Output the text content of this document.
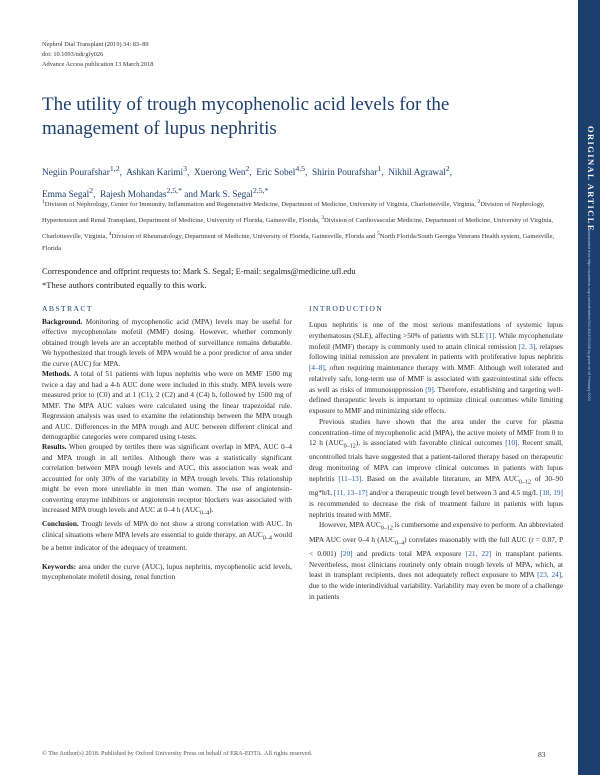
ORIGINAL ARTICLE
Downloaded from https://academic.oup.com/ndt/article/34/1/83/4924448 by guest on 18 February 2023
Nephrol Dial Transplant (2019) 34: 83–89
doi: 10.1093/ndt/gfy026
Advance Access publication 13 March 2018
The utility of trough mycophenolic acid levels for the management of lupus nephritis
Negiin Pourafshar$^{1,2}$,  Ashkan Karimi$^3$,  Xuerong Wen$^2$,  Eric Sobel$^{4,5}$,  Shirin Pourafshar$^1$,  Nikhil Agrawal$^2$,
Emma Segal$^2$,  Rajesh Mohandas$^{2,5,*}$ and Mark S. Segal$^{2,5,*}$
$^1$Division of Nephrology, Center for Immunity, Inflammation and Regenerative Medicine, Department of Medicine, University of Virginia, Charlottesville, Virginia, $^2$Division of Nephrology, Hypertension and Renal Transplant, Department of Medicine, University of Florida, Gainesville, Florida, $^3$Division of Cardiovascular Medicine, Department of Medicine, University of Virginia, Charlottesville, Virginia, $^4$Division of Rheumatology, Department of Medicine, University of Florida, Gainesville, Florida and $^5$North Florida/South Georgia Veterans Health system, Gainesville, Florida
Correspondence and offprint requests to: Mark S. Segal; E-mail: segalms@medicine.ufl.edu
*These authors contributed equally to this work.
ABSTRACT	INTRODUCTION

Background. Monitoring of mycophenolic acid (MPA) levels may be useful for effective mycophenolate mofetil (MMF) dosing. However, whether commonly obtained trough levels are an acceptable method of surveillance remains debatable. We hypothesized that trough levels of MPA would be a poor predictor of area under the curve (AUC) for MPA.

Methods. A total of 51 patients with lupus nephritis who were on MMF 1500 mg twice a day and had a 4-h AUC done were included in this study. MPA levels were measured prior to (C0) and at 1 (C1), 2 (C2) and 4 (C4) h, followed by 1500 mg of MMF. The MPA AUC values were calculated using the linear trapezoidal rule. Regression analysis was used to examine the relationship between the MPA trough and AUC. Differences in the MPA trough and AUC between different clinical and demographic categories were compared using t-tests.

Results. When grouped by tertiles there was significant overlap in MPA, AUC 0–4 and MPA trough in all tertiles. Although there was a statistically significant correlation between MPA trough levels and AUC, this association was weak and accounted for only 30% of the variability in MPA trough levels. This relationship might be even more unreliable in men than women. The use of angiotensin-converting enzyme inhibitors or angiotensin receptor blockers was associated with increased MPA trough levels and AUC at 0–4 h $(AUC_{0-4})$.

Conclusion. Trough levels of MPA do not show a strong correlation with AUC. In clinical situations where MPA levels are essential to guide therapy, an $AUC_{0-4}$ would be a better indicator of the adequacy of treatment.

Keywords: area under the curve (AUC), lupus nephritis, mycophenolic acid levels, mycophenolate mofetil dosing, renal function

Lupus nephritis is one of the most serious manifestations of systemic lupus erythematosus (SLE), affecting >50% of patients with SLE [1]. While mycophenolate mofetil (MMF) therapy is commonly used to attain clinical remission [2, 3], relapses following initial remission are prevalent in patients with proliferative lupus nephritis [4–8], often requiring maintenance therapy with MMF. Although well tolerated and relatively safe, long-term use of MMF is associated with gastrointestinal side effects as well as risks of immunosuppression [9]. Therefore, establishing and targeting well-defined therapeutic levels is important to optimize clinical outcomes while limiting exposure to MMF and minimizing side effects.

Previous studies have shown that the area under the curve for plasma concentration–time of mycophenolic acid (MPA), the active moiety of MMF from 0 to 12 h $(AUC_{0-12})$, is associated with favorable clinical outcomes [10]. Recent small, uncontrolled trials have suggested that a patient-tailored therapy based on therapeutic drug monitoring of MPA can improve clinical outcomes in patients with lupus nephritis [11–13]. Based on the available literature, an MPA $AUC_{0-12}$ of 30–90 mg*h/L [11, 13–17] and/or a therapeutic trough level between 3 and 4.5 mg/L [18, 19] is recommended to decrease the risk of treatment failure in patients with lupus nephritis treated with MMF.

However, MPA $AUC_{0-12}$ is cumbersome and expensive to perform. An abbreviated MPA AUC over 0–4 h $(AUC_{0-4})$ correlates reasonably with the full AUC (r = 0.87, P < 0.001) [20] and predicts total MPA exposure [21, 22] in transplant patients. Nevertheless, most clinicians routinely only obtain trough levels of MPA, which, at least in transplant recipients, does not adequately reflect exposure to MPA [23, 24], due to the wide interindividual variability. Variability may even be more of a challenge in patients

© The Author(s) 2018. Published by Oxford University Press on behalf of ERA-EDTA. All rights reserved.	83
